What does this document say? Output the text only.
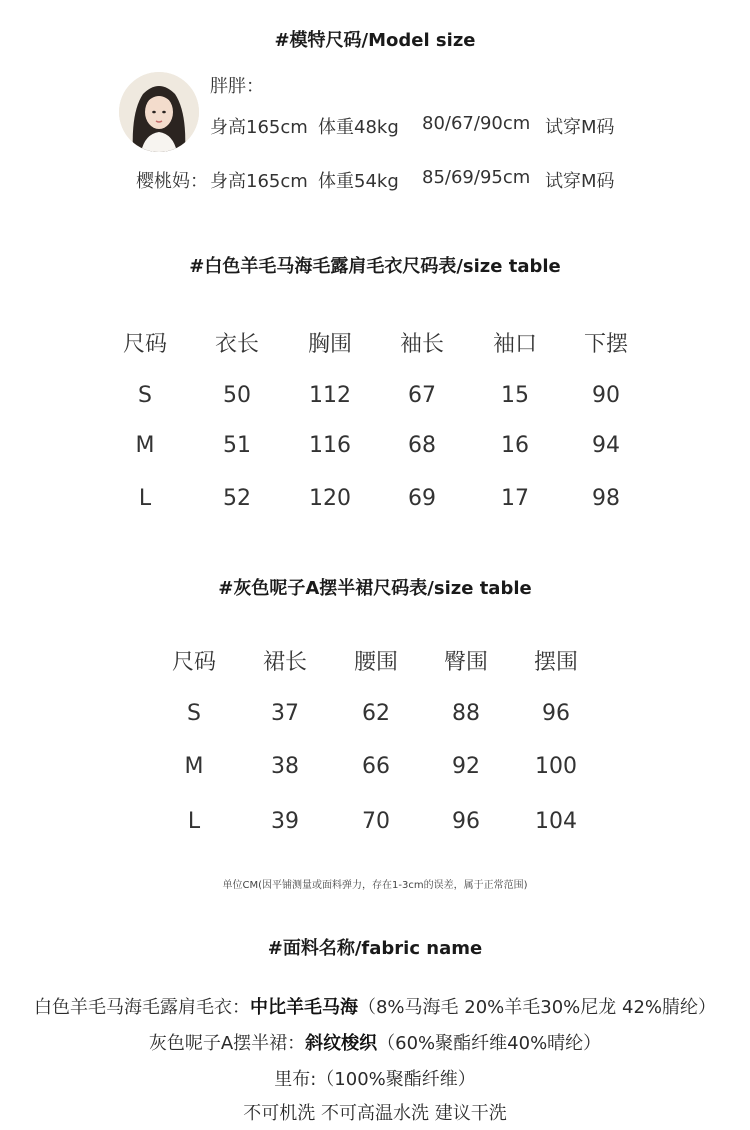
#模特尺码/Model size
胖胖：
身高165cm 体重48kg 80/67/90cm 试穿M码
樱桃妈： 身高165cm 体重54kg 85/69/95cm 试穿M码
#白色羊毛马海毛露肩毛衣尺码表/size table
尺码	衣长	胸围	袖长	袖口	下摆
S	50	112	67	15	90
M	51	116	68	16	94
L	52	120	69	17	98
#灰色呢子A摆半裙尺码表/size table
尺码	裙长	腰围	臀围	摆围
S	37	62	88	96
M	38	66	92	100
L	39	70	96	104
单位CM(因平铺测量或面料弹力，存在1-3cm的误差，属于正常范围)
#面料名称/fabric name
白色羊毛马海毛露肩毛衣：中比羊毛马海（8%马海毛 20%羊毛30%尼龙 42%腈纶）
灰色呢子A摆半裙：斜纹梭织（60%聚酯纤维40%晴纶）
里布:（100%聚酯纤维）
不可机洗 不可高温水洗 建议干洗
